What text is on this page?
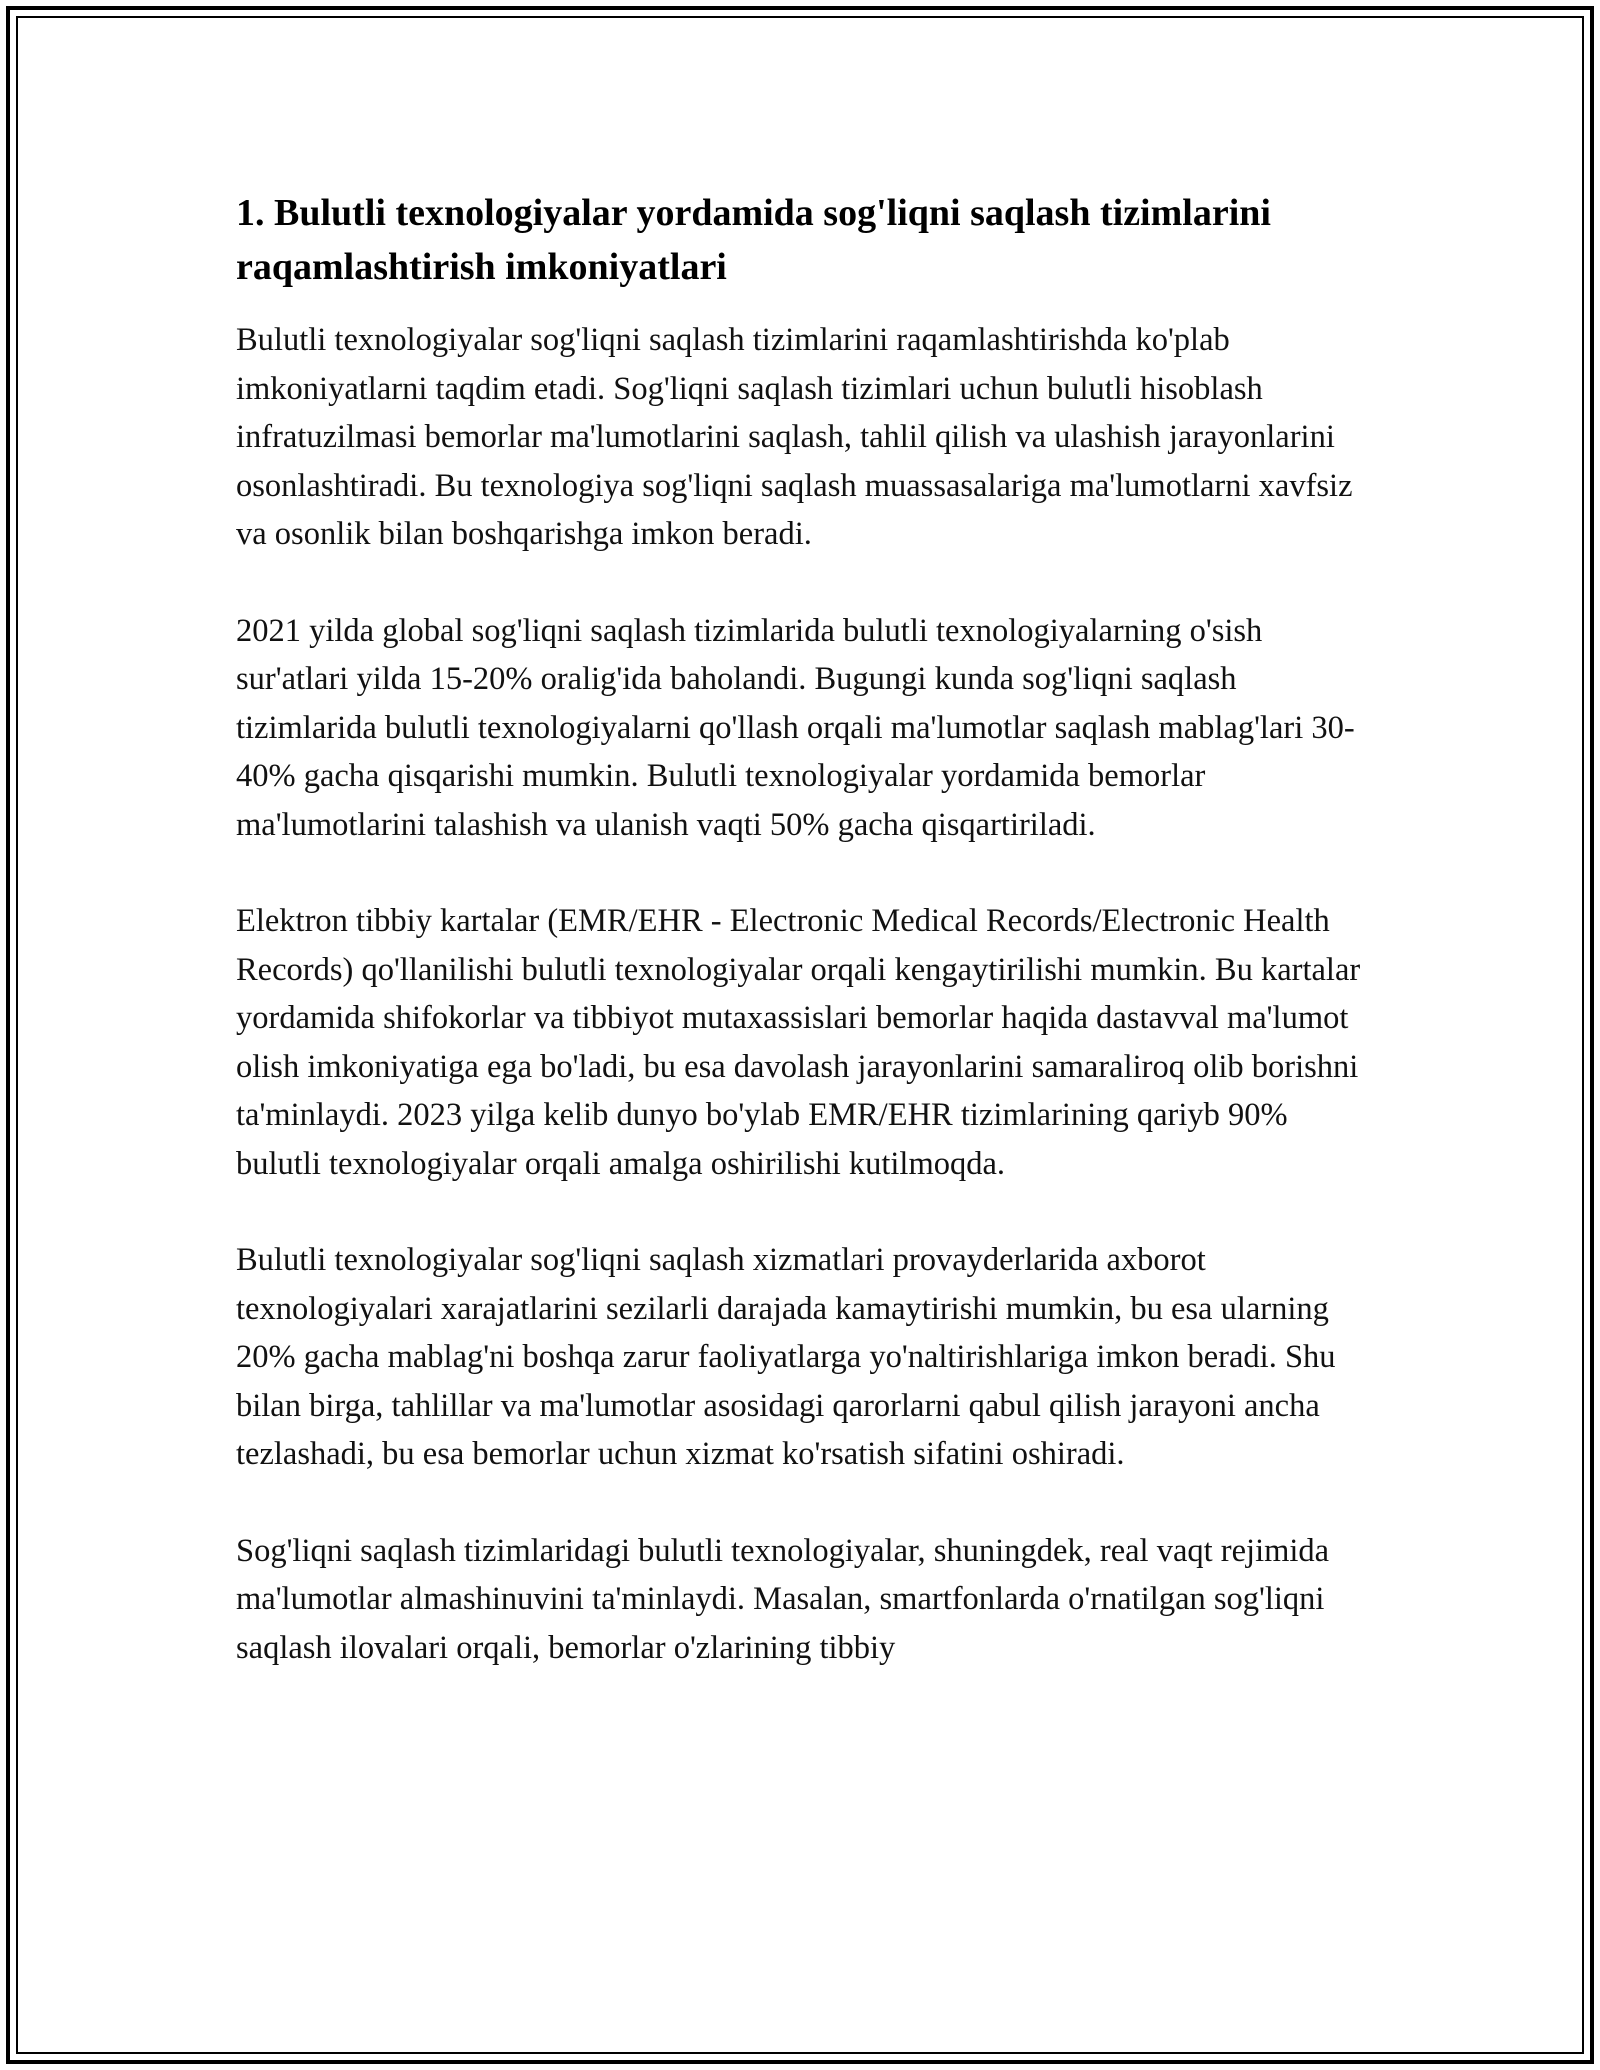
1. Bulutli texnologiyalar yordamida sog'liqni saqlash tizimlarini raqamlashtirish imkoniyatlari

Bulutli texnologiyalar sog'liqni saqlash tizimlarini raqamlashtirishda ko'plab imkoniyatlarni taqdim etadi. Sog'liqni saqlash tizimlari uchun bulutli hisoblash infratuzilmasi bemorlar ma'lumotlarini saqlash, tahlil qilish va ulashish jarayonlarini osonlashtiradi. Bu texnologiya sog'liqni saqlash muassasalariga ma'lumotlarni xavfsiz va osonlik bilan boshqarishga imkon beradi.

2021 yilda global sog'liqni saqlash tizimlarida bulutli texnologiyalarning o'sish sur'atlari yilda 15-20% oralig'ida baholandi. Bugungi kunda sog'liqni saqlash tizimlarida bulutli texnologiyalarni qo'llash orqali ma'lumotlar saqlash mablag'lari 30-40% gacha qisqarishi mumkin. Bulutli texnologiyalar yordamida bemorlar ma'lumotlarini talashish va ulanish vaqti 50% gacha qisqartiriladi.

Elektron tibbiy kartalar (EMR/EHR - Electronic Medical Records/Electronic Health Records) qo'llanilishi bulutli texnologiyalar orqali kengaytirilishi mumkin. Bu kartalar yordamida shifokorlar va tibbiyot mutaxassislari bemorlar haqida dastavval ma'lumot olish imkoniyatiga ega bo'ladi, bu esa davolash jarayonlarini samaraliroq olib borishni ta'minlaydi. 2023 yilga kelib dunyo bo'ylab EMR/EHR tizimlarining qariyb 90% bulutli texnologiyalar orqali amalga oshirilishi kutilmoqda.

Bulutli texnologiyalar sog'liqni saqlash xizmatlari provayderlarida axborot texnologiyalari xarajatlarini sezilarli darajada kamaytirishi mumkin, bu esa ularning 20% gacha mablag'ni boshqa zarur faoliyatlarga yo'naltirishlariga imkon beradi. Shu bilan birga, tahlillar va ma'lumotlar asosidagi qarorlarni qabul qilish jarayoni ancha tezlashadi, bu esa bemorlar uchun xizmat ko'rsatish sifatini oshiradi.

Sog'liqni saqlash tizimlaridagi bulutli texnologiyalar, shuningdek, real vaqt rejimida ma'lumotlar almashinuvini ta'minlaydi. Masalan, smartfonlarda o'rnatilgan sog'liqni saqlash ilovalari orqali, bemorlar o'zlarining tibbiy
